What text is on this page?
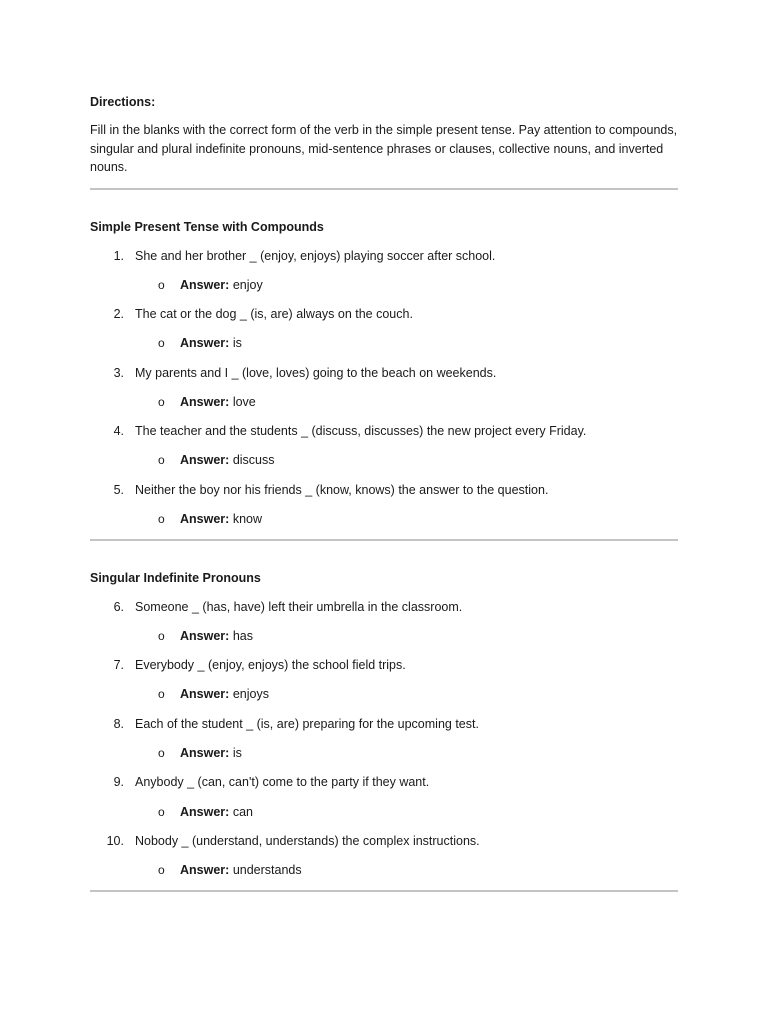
Directions:
Fill in the blanks with the correct form of the verb in the simple present tense. Pay attention to compounds, singular and plural indefinite pronouns, mid-sentence phrases or clauses, collective nouns, and inverted nouns.
Simple Present Tense with Compounds
1. She and her brother _ (enjoy, enjoys) playing soccer after school.
o Answer: enjoy
2. The cat or the dog _ (is, are) always on the couch.
o Answer: is
3. My parents and I _ (love, loves) going to the beach on weekends.
o Answer: love
4. The teacher and the students _ (discuss, discusses) the new project every Friday.
o Answer: discuss
5. Neither the boy nor his friends _ (know, knows) the answer to the question.
o Answer: know
Singular Indefinite Pronouns
6. Someone _ (has, have) left their umbrella in the classroom.
o Answer: has
7. Everybody _ (enjoy, enjoys) the school field trips.
o Answer: enjoys
8. Each of the student _ (is, are) preparing for the upcoming test.
o Answer: is
9. Anybody _ (can, can't) come to the party if they want.
o Answer: can
10. Nobody _ (understand, understands) the complex instructions.
o Answer: understands
